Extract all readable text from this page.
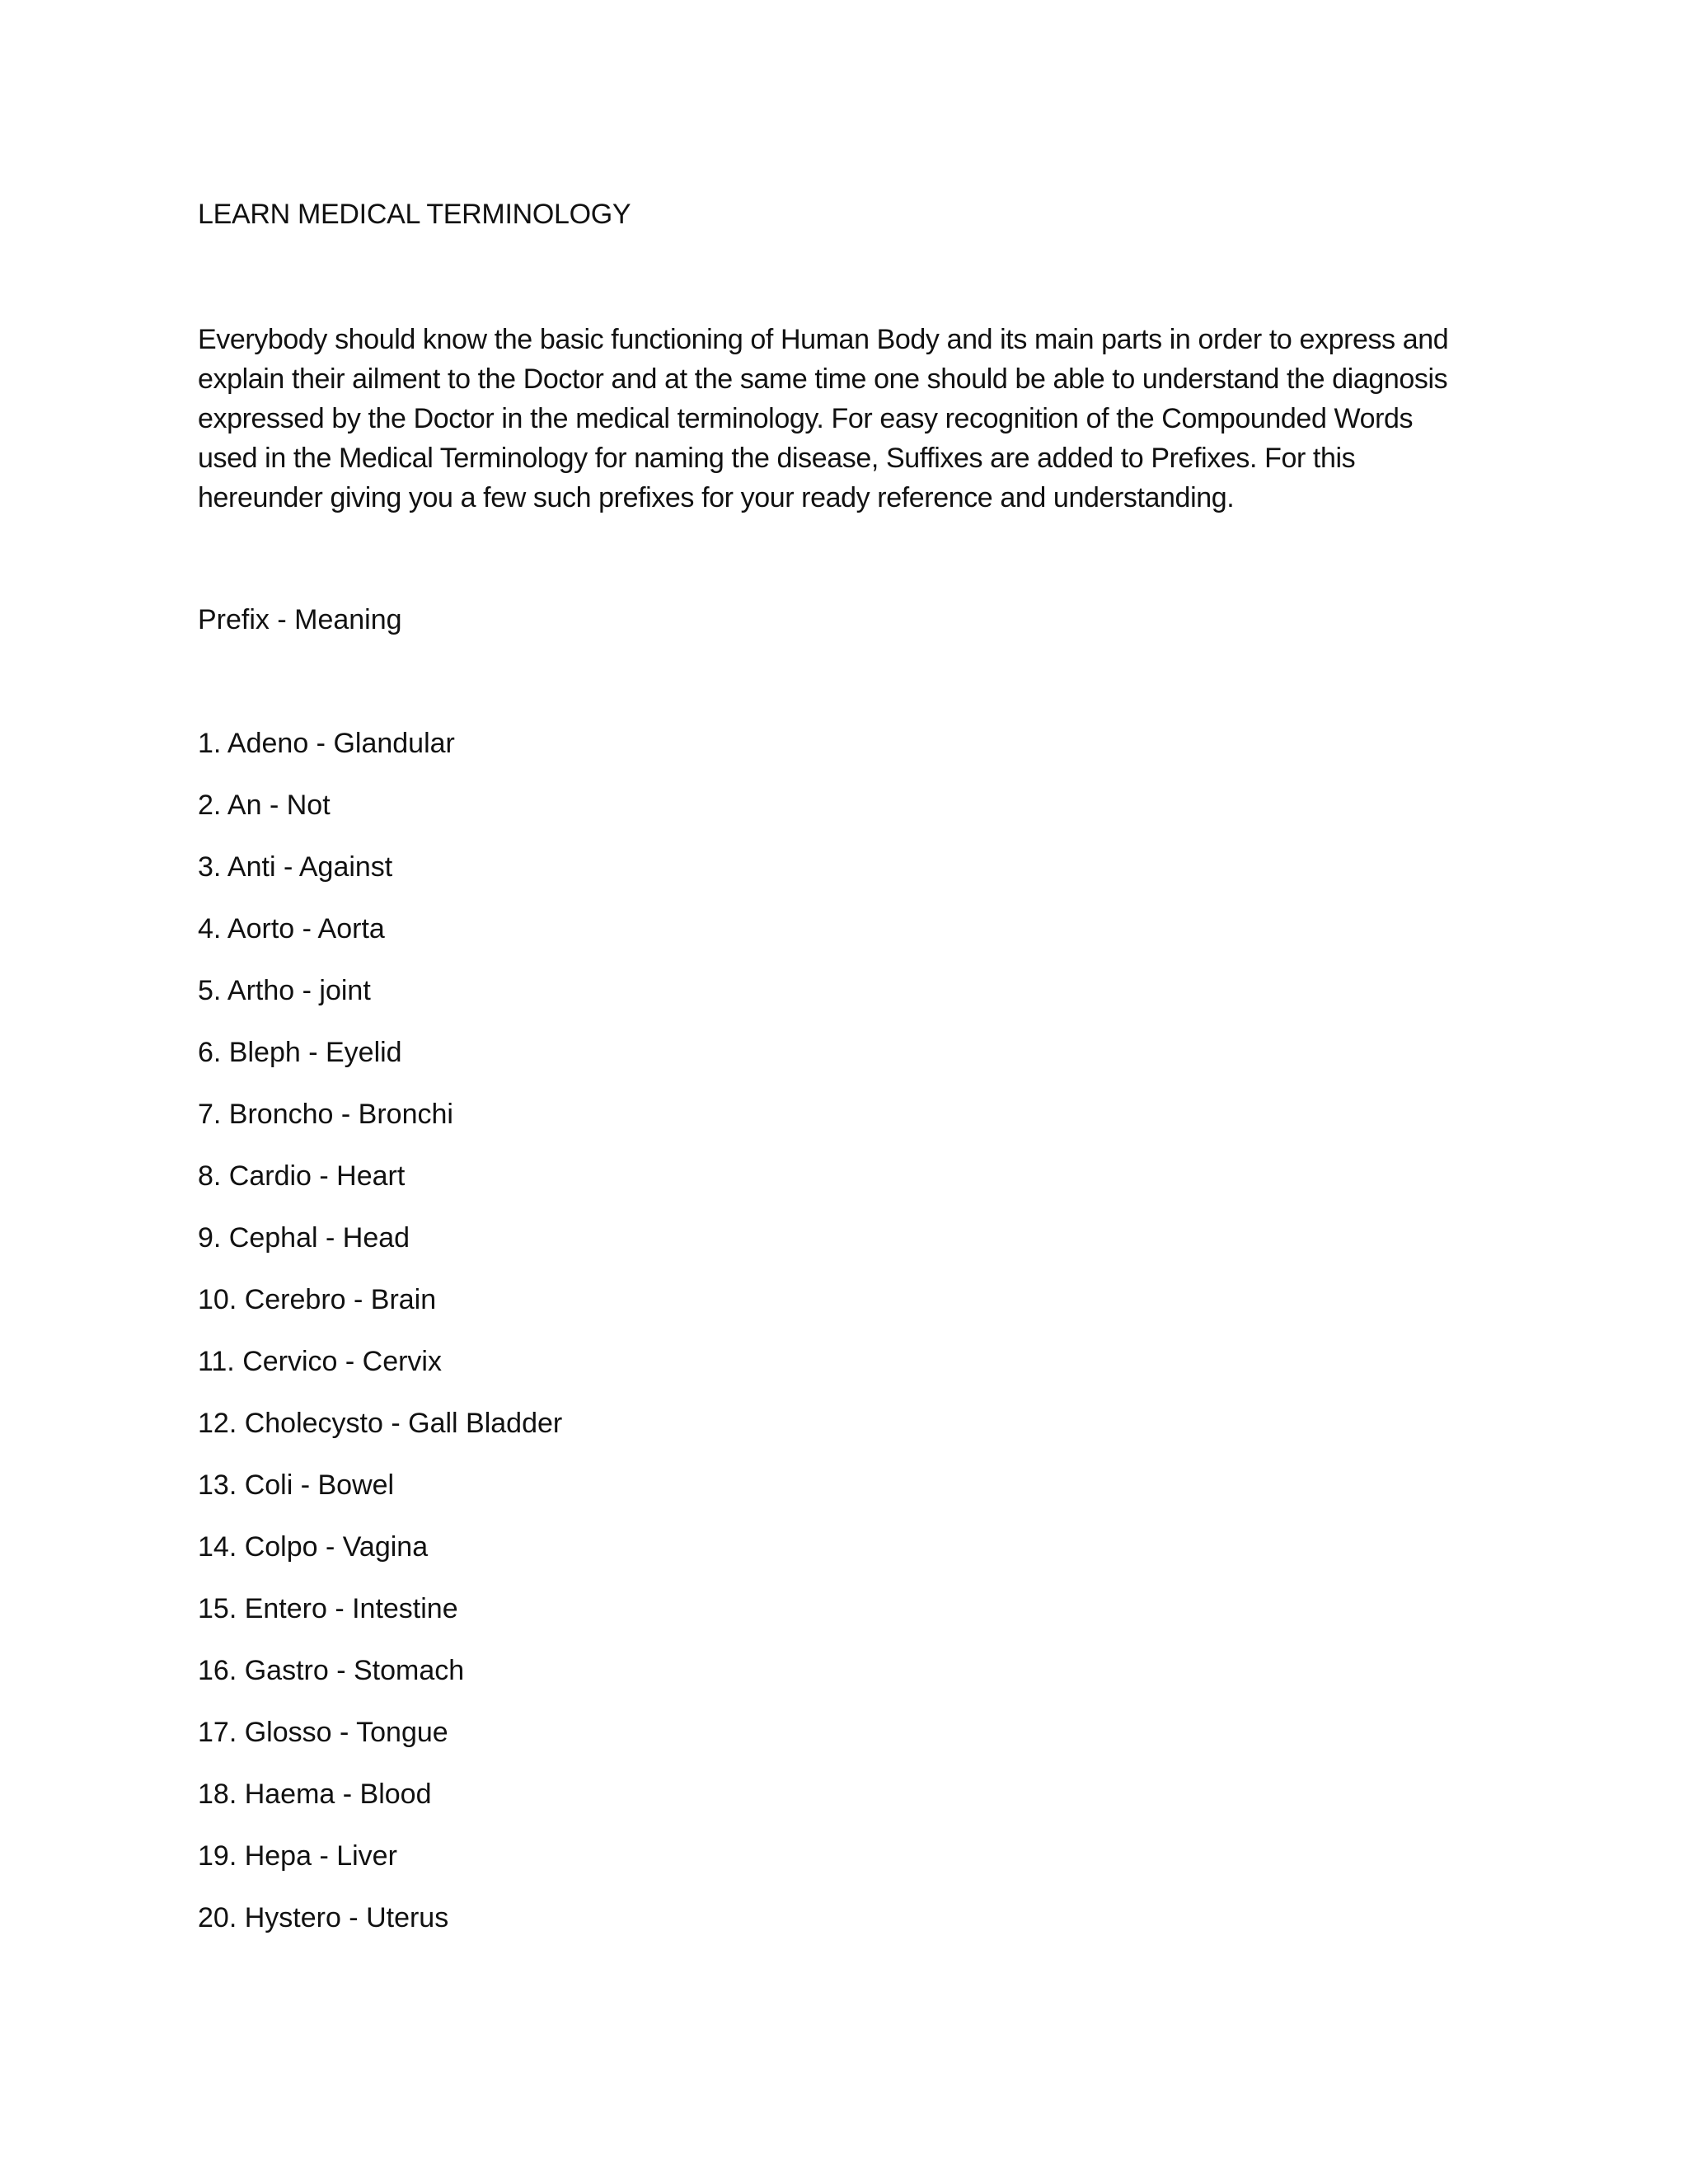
LEARN MEDICAL TERMINOLOGY

Everybody should know the basic functioning of Human Body and its main parts in order to express and

explain their ailment to the Doctor and at the same time one should be able to understand the diagnosis

expressed by the Doctor in the medical terminology. For easy recognition of the Compounded Words

used in the Medical Terminology for naming the disease, Suffixes are added to Prefixes. For this

hereunder giving you a few such prefixes for your ready reference and understanding.

Prefix - Meaning
1. Adeno - Glandular
2. An - Not
3. Anti - Against
4. Aorto - Aorta
5. Artho - joint
6. Bleph - Eyelid
7. Broncho - Bronchi
8. Cardio - Heart
9. Cephal - Head
10. Cerebro - Brain
11. Cervico - Cervix
12. Cholecysto - Gall Bladder
13. Coli - Bowel
14. Colpo - Vagina
15. Entero - Intestine
16. Gastro - Stomach
17. Glosso - Tongue
18. Haema - Blood
19. Hepa - Liver
20. Hystero - Uterus
